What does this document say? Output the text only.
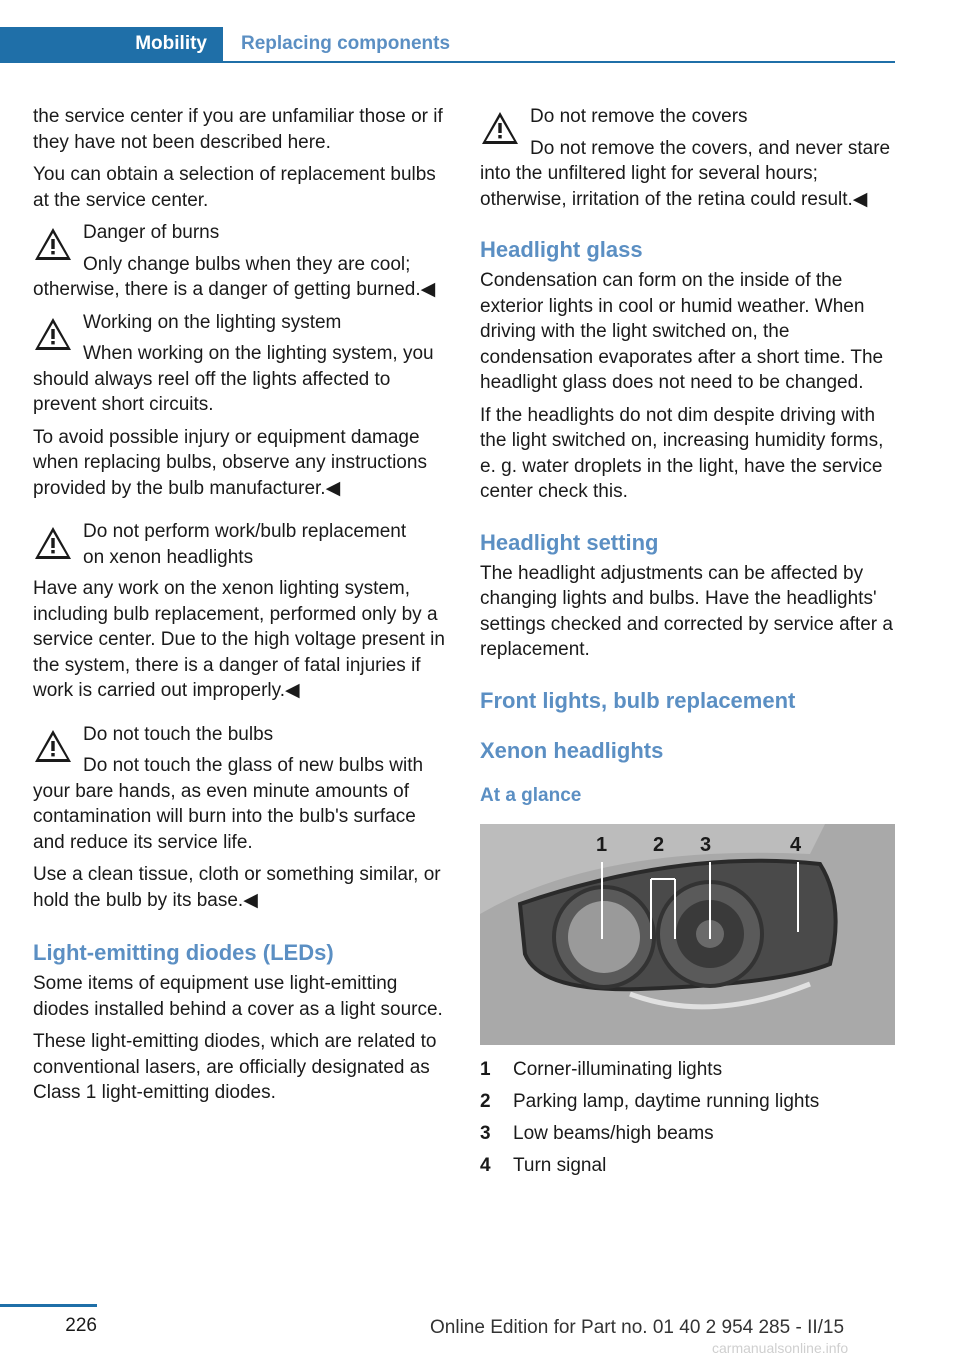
Mobility	Replacing components

the service center if you are unfamiliar those or if they have not been described here.

You can obtain a selection of replacement bulbs at the service center.

Danger of burns
Only change bulbs when they are cool; otherwise, there is a danger of getting burned.◀
Working on the lighting system
When working on the lighting system, you should always reel off the lights affected to prevent short circuits.

To avoid possible injury or equipment damage when replacing bulbs, observe any instructions provided by the bulb manufacturer.◀

Do not perform work/bulb replacement
on xenon headlights
Have any work on the xenon lighting system, including bulb replacement, performed only by a service center. Due to the high voltage present in the system, there is a danger of fatal injuries if work is carried out improperly.◀
Do not touch the bulbs
Do not touch the glass of new bulbs with your bare hands, as even minute amounts of contamination will burn into the bulb's surface and reduce its service life.

Use a clean tissue, cloth or something similar, or hold the bulb by its base.◀

Light-emitting diodes (LEDs)

Some items of equipment use light-emitting diodes installed behind a cover as a light source.

These light-emitting diodes, which are related to conventional lasers, are officially designated as Class 1 light-emitting diodes.

Do not remove the covers
Do not remove the covers, and never stare into the unfiltered light for several hours; otherwise, irritation of the retina could result.◀
Headlight glass

Condensation can form on the inside of the exterior lights in cool or humid weather. When driving with the light switched on, the condensation evaporates after a short time. The headlight glass does not need to be changed.

If the headlights do not dim despite driving with the light switched on, increasing humidity forms, e. g. water droplets in the light, have the service center check this.

Headlight setting

The headlight adjustments can be affected by changing lights and bulbs. Have the headlights' settings checked and corrected by service after a replacement.

Front lights, bulb replacement
Xenon headlights
At a glance
1 2 3	4
1	Corner-illuminating lights
2	Parking lamp, daytime running lights
3	Low beams/high beams
4	Turn signal
226	Online Edition for Part no. 01 40 2 954 285 - II/15
carmanualsonline.info
